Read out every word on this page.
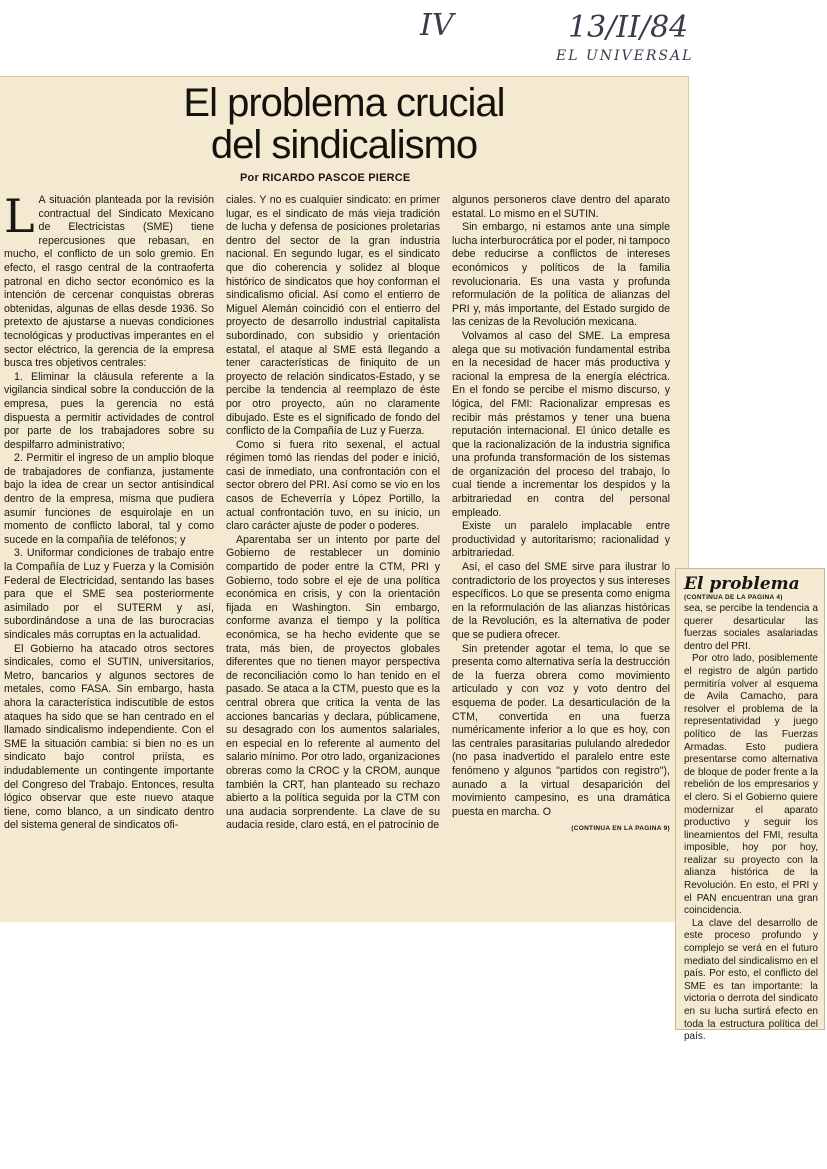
IV	13/II/84
EL UNIVERSAL
El problema crucial
del sindicalismo
Por RICARDO PASCOE PIERCE

L A situación planteada por la revisión contractual del Sindicato Mexicano de Electricistas (SME) tiene repercusiones que rebasan, en mucho, el conflicto de un solo gremio. En efecto, el rasgo central de la contraoferta patronal en dicho sector económico es la intención de cercenar conquistas obreras obtenidas, algunas de ellas desde 1936. So pretexto de ajustarse a nuevas condiciones tecnológicas y productivas imperantes en el sector eléctrico, la gerencia de la empresa busca tres objetivos centrales:

1. Eliminar la cláusula referente a la vigilancia sindical sobre la conducción de la empresa, pues la gerencia no está dispuesta a permitir actividades de control por parte de los trabajadores sobre su despilfarro administrativo;

2. Permitir el ingreso de un amplio bloque de trabajadores de confianza, justamente bajo la idea de crear un sector antisindical dentro de la empresa, misma que pudiera asumir funciones de esquirolaje en un momento de conflicto laboral, tal y como sucede en la compañía de teléfonos; y

3. Uniformar condiciones de trabajo entre la Compañía de Luz y Fuerza y la Comisión Federal de Electricidad, sentando las bases para que el SME sea posteriormente asimilado por el SUTERM y así, subordinándose a una de las burocracias sindicales más corruptas en la actualidad.

El Gobierno ha atacado otros sectores sindicales, como el SUTIN, universitarios, Metro, bancarios y algunos sectores de metales, como FASA. Sin embargo, hasta ahora la característica indiscutible de estos ataques ha sido que se han centrado en el llamado sindicalismo independiente. Con el SME la situación cambia: si bien no es un sindicato bajo control priísta, es indudablemente un contingente importante del Congreso del Trabajo. Entonces, resulta lógico observar que este nuevo ataque tiene, como blanco, a un sindicato dentro del sistema general de sindicatos ofi-

ciales. Y no es cualquier sindicato: en primer lugar, es el sindicato de más vieja tradición de lucha y defensa de posiciones proletarias dentro del sector de la gran industria nacional. En segundo lugar, es el sindicato que dio coherencia y solidez al bloque histórico de sindicatos que hoy conforman el sindicalismo oficial. Así como el entierro de Miguel Alemán coincidió con el entierro del proyecto de desarrollo industrial capitalista subordinado, con subsidio y orientación estatal, el ataque al SME está llegando a tener características de finiquito de un proyecto de relación sindicatos-Estado, y se percibe la tendencia al reemplazo de éste por otro proyecto, aún no claramente dibujado. Este es el significado de fondo del conflicto de la Compañía de Luz y Fuerza.

Como si fuera rito sexenal, el actual régimen tomó las riendas del poder e inició, casi de inmediato, una confrontación con el sector obrero del PRI. Así como se vio en los casos de Echeverría y López Portillo, la actual confrontación tuvo, en su inicio, un claro carácter ajuste de poder o poderes.

Aparentaba ser un intento por parte del Gobierno de restablecer un dominio compartido de poder entre la CTM, PRI y Gobierno, todo sobre el eje de una política económica en crisis, y con la orientación fijada en Washington. Sin embargo, conforme avanza el tiempo y la política económica, se ha hecho evidente que se trata, más bien, de proyectos globales diferentes que no tienen mayor perspectiva de reconciliación como lo han tenido en el pasado. Se ataca a la CTM, puesto que es la central obrera que critica la venta de las acciones bancarias y declara, públicamene, su desagrado con los aumentos salariales, en especial en lo referente al aumento del salario mínimo. Por otro lado, organizaciones obreras como la CROC y la CROM, aunque también la CRT, han planteado su rechazo abierto a la política seguida por la CTM con una audacia sorprendente. La clave de su audacia reside, claro está, en el patrocinio de

algunos personeros clave dentro del aparato estatal. Lo mismo en el SUTIN.

Sin embargo, ni estamos ante una simple lucha interburocrática por el poder, ni tampoco debe reducirse a conflictos de intereses económicos y políticos de la familia revolucionaria. Es una vasta y profunda reformulación de la política de alianzas del PRI y, más importante, del Estado surgido de las cenizas de la Revolución mexicana.

Volvamos al caso del SME. La empresa alega que su motivación fundamental estriba en la necesidad de hacer más productiva y racional la empresa de la energía eléctrica. En el fondo se percibe el mismo discurso, y lógica, del FMI: Racionalizar empresas es recibir más préstamos y tener una buena reputación internacional. El único detalle es que la racionalización de la industria significa una profunda transformación de los sistemas de organización del proceso del trabajo, lo cual tiende a incrementar los despidos y la arbitrariedad en contra del personal empleado.

Existe un paralelo implacable entre productividad y autoritarismo; racionalidad y arbitrariedad.

Así, el caso del SME sirve para ilustrar lo contradictorio de los proyectos y sus intereses específicos. Lo que se presenta como enigma en la reformulación de las alianzas históricas de la Revolución, es la alternativa de poder que se pudiera ofrecer.

Sin pretender agotar el tema, lo que se presenta como alternativa sería la destrucción de la fuerza obrera como movimiento articulado y con voz y voto dentro del esquema de poder. La desarticulación de la CTM, convertida en una fuerza numéricamente inferior a lo que es hoy, con las centrales parasitarias pululando alrededor (no pasa inadvertido el paralelo entre este fenómeno y algunos "partidos con registro"), aunado a la virtual desaparición del movimiento campesino, es una dramática puesta en marcha. O

(CONTINUA EN LA PAGINA 9)
El problema
(CONTINUA DE LA PAGINA 4)

sea, se percibe la tendencia a querer desarticular las fuerzas sociales asalariadas dentro del PRI.

Por otro lado, posiblemente el registro de algún partido permitiría volver al esquema de Avila Camacho, para resolver el problema de la representatividad y juego político de las Fuerzas Armadas. Esto pudiera presentarse como alternativa de bloque de poder frente a la rebelión de los empresarios y el clero. Si el Gobierno quiere modernizar el aparato productivo y seguir los lineamientos del FMI, resulta imposible, hoy por hoy, realizar su proyecto con la alianza histórica de la Revolución. En esto, el PRI y el PAN encuentran una gran coincidencia.

La clave del desarrollo de este proceso profundo y complejo se verá en el futuro mediato del sindicalismo en el país. Por esto, el conflicto del SME es tan importante: la victoria o derrota del sindicato en su lucha surtirá efecto en toda la estructura política del país.
